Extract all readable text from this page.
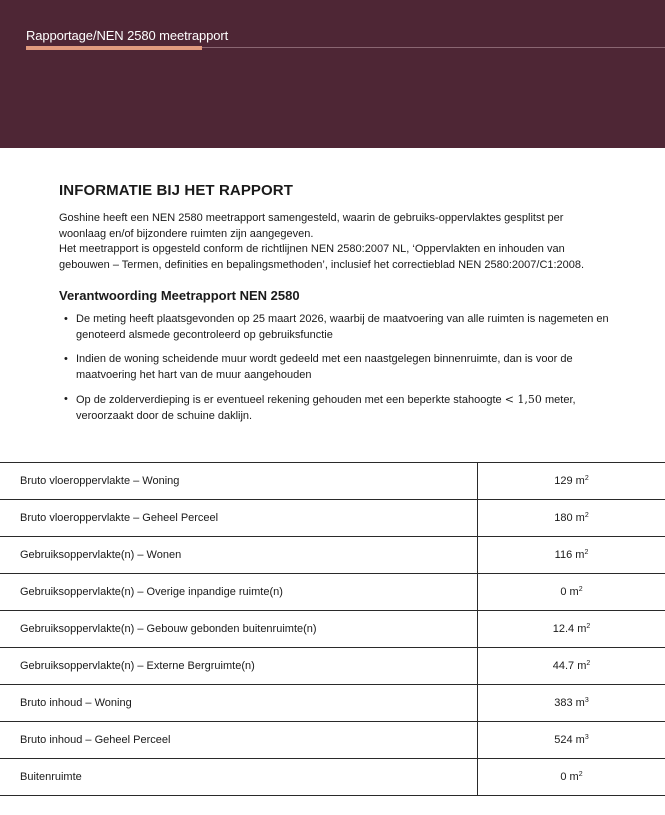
Rapportage/NEN 2580 meetrapport
INFORMATIE BIJ HET RAPPORT

Goshine heeft een NEN 2580 meetrapport samengesteld, waarin de gebruiks-oppervlaktes gesplitst per woonlaag en/of bijzondere ruimten zijn aangegeven.

Het meetrapport is opgesteld conform de richtlijnen NEN 2580:2007 NL, ‘Oppervlakten en inhouden van gebouwen – Termen, definities en bepalingsmethoden’, inclusief het correctieblad NEN 2580:2007/C1:2008.

Verantwoording Meetrapport NEN 2580
• De meting heeft plaatsgevonden op 25 maart 2026, waarbij de maatvoering van alle ruimten is nagemeten en genoteerd alsmede gecontroleerd op gebruiksfunctie
• Indien de woning scheidende muur wordt gedeeld met een naastgelegen binnenruimte, dan is voor de maatvoering het hart van de muur aangehouden
• Op de zolderverdieping is er eventueel rekening gehouden met een beperkte stahoogte < 1,50 meter, veroorzaakt door de schuine daklijn.
Bruto vloeroppervlakte – Woning	129 $m^2$
Bruto vloeroppervlakte – Geheel Perceel	180 $m^2$
Gebruiksoppervlakte(n) – Wonen	116 $m^2$
Gebruiksoppervlakte(n) – Overige inpandige ruimte(n)	0 $m^2$
Gebruiksoppervlakte(n) – Gebouw gebonden buitenruimte(n)	12.4 $m^2$
Gebruiksoppervlakte(n) – Externe Bergruimte(n)	44.7 $m^2$
Bruto inhoud – Woning	383 $m^3$
Bruto inhoud – Geheel Perceel	524 $m^3$
Buitenruimte	0 $m^2$
